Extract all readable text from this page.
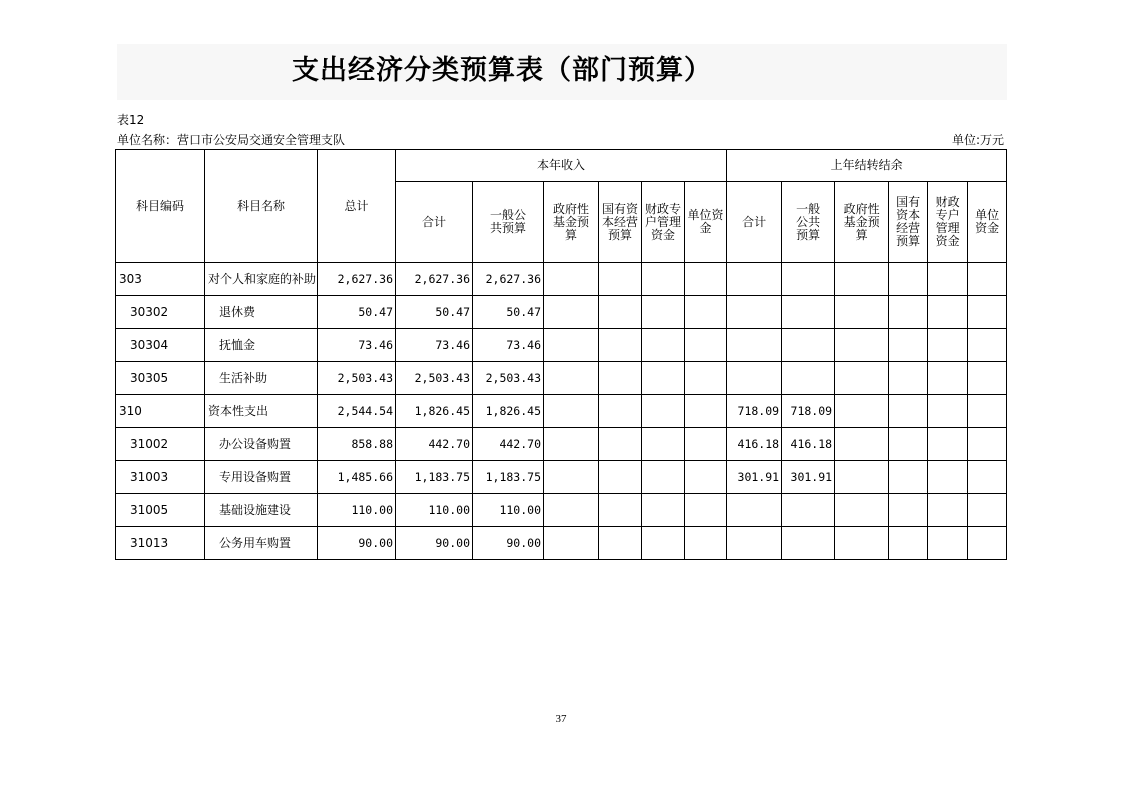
支出经济分类预算表（部门预算）
表12
单位名称：营口市公安局交通安全管理支队	单位:万元
科目编码	科目名称	总计	本年收入						上年结转结余					
			合计	一般公共预算	政府性基金预算	国有资本经营预算	财政专户管理资金	单位资金	合计	一般公共预算	政府性基金预算	国有资本经营预算	财政专户管理资金	单位资金
303	对个人和家庭的补助	2,627.36	2,627.36	2,627.36										
30302	退休费	50.47	50.47	50.47										
30304	抚恤金	73.46	73.46	73.46										
30305	生活补助	2,503.43	2,503.43	2,503.43										
310	资本性支出	2,544.54	1,826.45	1,826.45					718.09	718.09				
31002	办公设备购置	858.88	442.70	442.70					416.18	416.18				
31003	专用设备购置	1,485.66	1,183.75	1,183.75					301.91	301.91				
31005	基础设施建设	110.00	110.00	110.00										
31013	公务用车购置	90.00	90.00	90.00										
37
